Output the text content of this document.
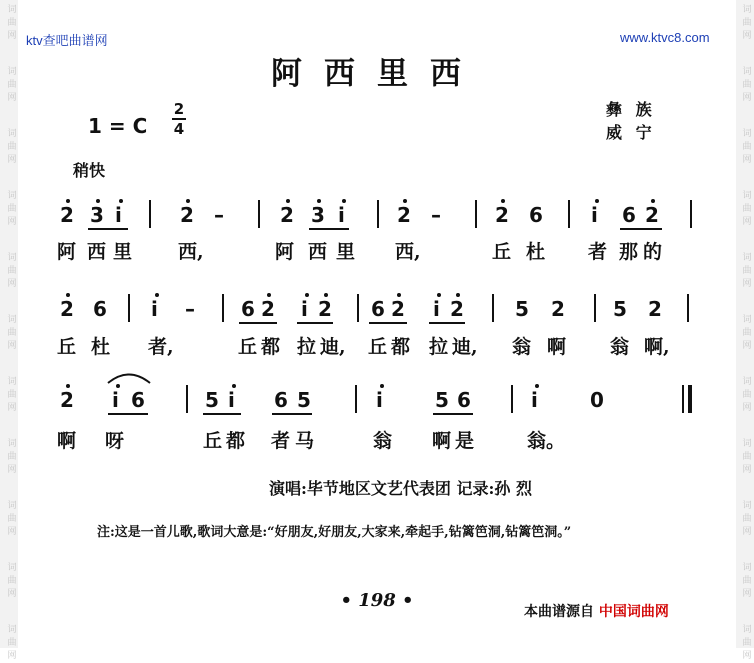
词
曲
网
词
曲
网
词
曲
网
词
曲
网
词
曲
网
词
曲
网
词
曲
网
词
曲
网
词
曲
网
词
曲
网
词
曲
网
词
曲
网
词
曲
网
词
曲
网
词
曲
网
词
曲
网
词
曲
网
词
曲
网
词
曲
网
词
曲
网
词
曲
网
词
曲
网
ktv查吧曲谱网	www.ktvc8.com
阿西里西
1 = C
2
4
彝 族
威 宁
稍快
2 3 i	2 –	2 3 i	2 –	2 6 i 6 2
阿 西 里 西,	阿 西 里 西,	丘 杜 者 那 的
2 6 i – 6 2 i 2 6 2 i 2	5 2 5 2
丘 杜 者,	丘 都 拉 迪, 丘 都 拉 迪, 翁 啊 翁 啊,
2 i 6	5 i 6 5	i	5 6	i	0
啊 呀	丘 都 者 马	翁 啊 是	翁。
演唱:毕节地区文艺代表团 记录:孙 烈
注:这是一首儿歌,歌词大意是:“好朋友,好朋友,大家来,牵起手,钻篱笆洞,钻篱笆洞。”
• 198 •
本曲谱源自 中国词曲网
